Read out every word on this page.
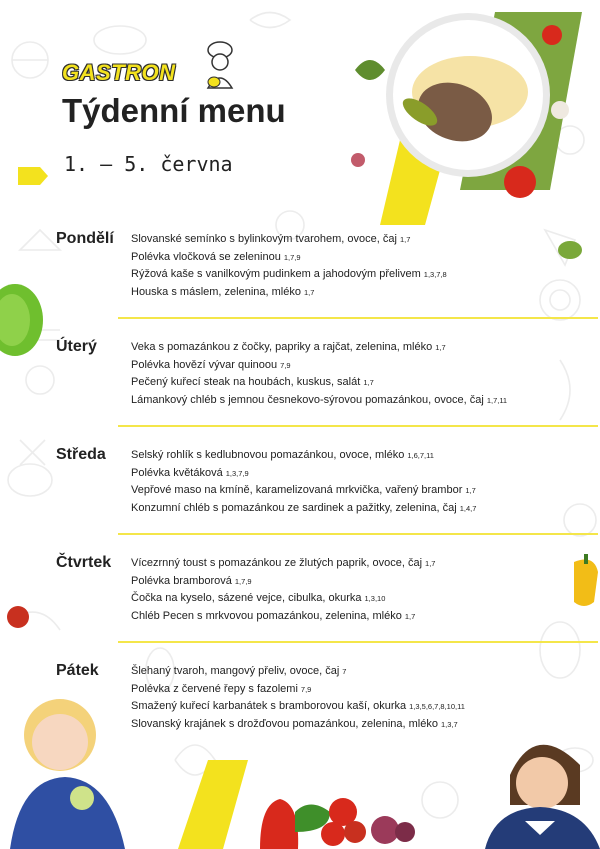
GASTRON
Týdenní menu
1. – 5. června
Pondělí Slovanské semínko s bylinkovým tvarohem, ovoce, čaj 1,7
Polévka vločková se zeleninou 1,7,9
Rýžová kaše s vanilkovým pudinkem a jahodovým přelivem 1,3,7,8
Houska s máslem, zelenina, mléko 1,7
Úterý	Veka s pomazánkou z čočky, papriky a rajčat, zelenina, mléko 1,7
Polévka hovězí vývar quinoou 7,9
Pečený kuřecí steak na houbách, kuskus, salát 1,7
Lámankový chléb s jemnou česnekovo-sýrovou pomazánkou, ovoce, čaj 1,7,11
Středa Selský rohlík s kedlubnovou pomazánkou, ovoce, mléko 1,6,7,11
Polévka květáková 1,3,7,9
Vepřové maso na kmíně, karamelizovaná mrkvička, vařený brambor 1,7
Konzumní chléb s pomazánkou ze sardinek a pažitky, zelenina, čaj 1,4,7
Čtvrtek Vícezrnný toust s pomazánkou ze žlutých paprik, ovoce, čaj 1,7
Polévka bramborová 1,7,9
Čočka na kyselo, sázené vejce, cibulka, okurka 1,3,10
Chléb Pecen s mrkvovou pomazánkou, zelenina, mléko 1,7
Pátek	Šlehaný tvaroh, mangový přeliv, ovoce, čaj 7
Polévka z červené řepy s fazolemi 7,9
Smažený kuřecí karbanátek s bramborovou kaší, okurka 1,3,5,6,7,8,10,11
Slovanský krajánek s drožďovou pomazánkou, zelenina, mléko 1,3,7
